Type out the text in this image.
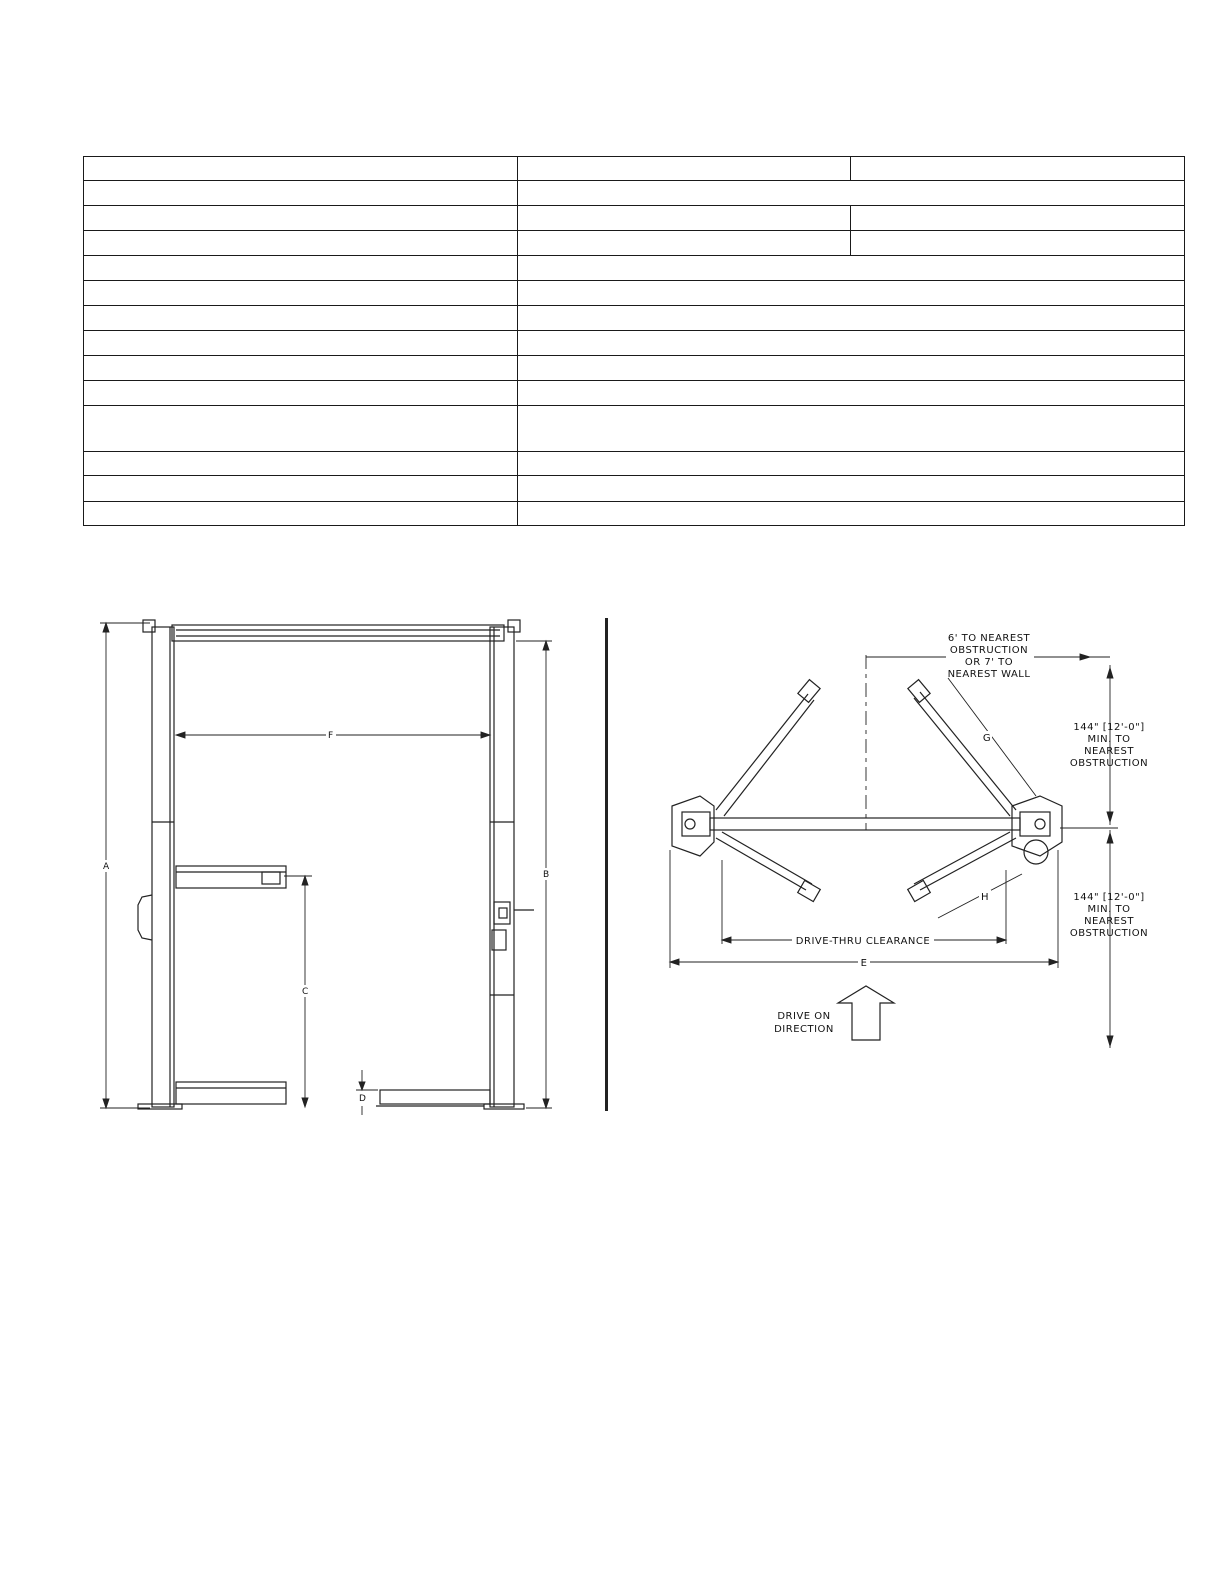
A
B
F
C
D
6' TO NEAREST
OBSTRUCTION
OR 7' TO
NEAREST WALL
144" [12'-0"]
MIN. TO
NEAREST
OBSTRUCTION
144" [12'-0"]
MIN. TO
NEAREST
OBSTRUCTION
DRIVE-THRU CLEARANCE
E
G
H
DRIVE ON
DIRECTION
